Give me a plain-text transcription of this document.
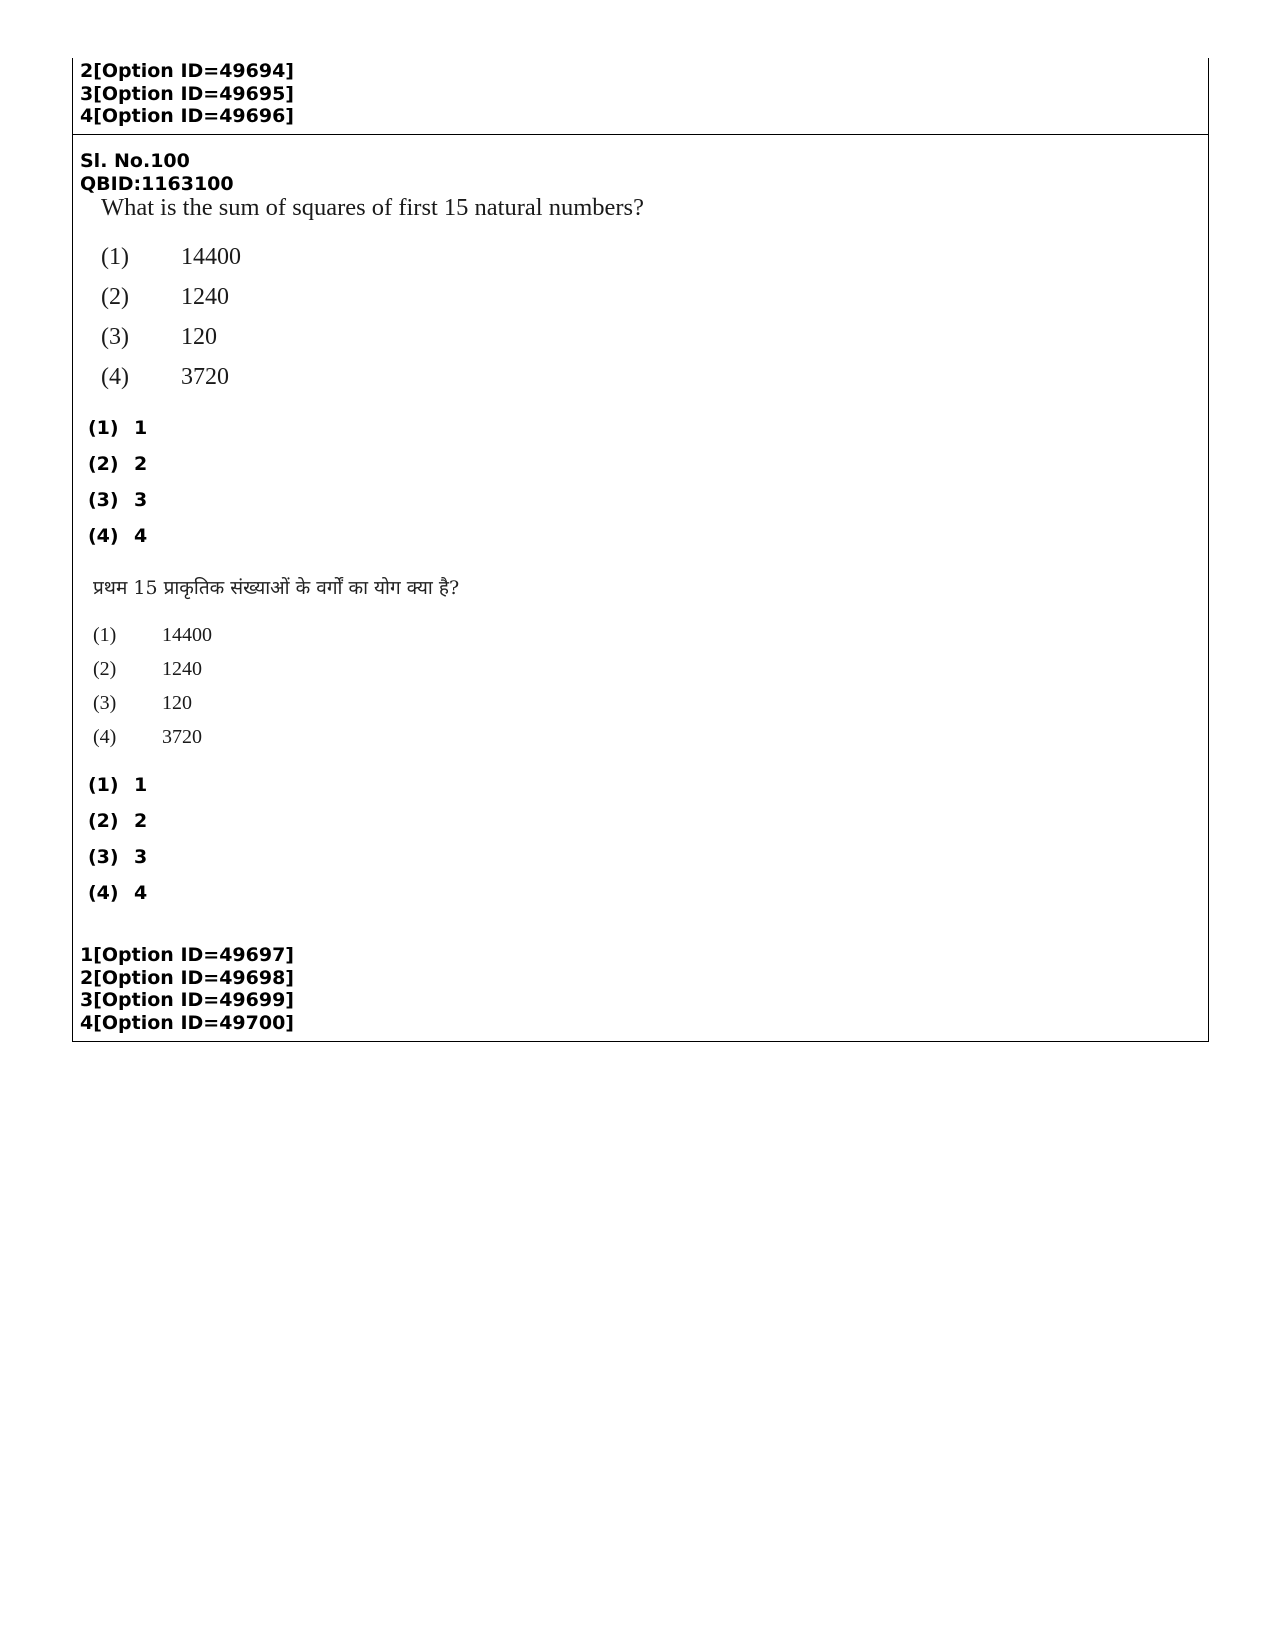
2[Option ID=49694]
3[Option ID=49695]
4[Option ID=49696]
Sl. No.100
QBID:1163100
What is the sum of squares of first 15 natural numbers?
(1) 14400
(2) 1240
(3) 120
(4) 3720
(1) 1
(2) 2
(3) 3
(4) 4
प्रथम 15 प्राकृतिक संख्याओं के वर्गों का योग क्या है?
(1) 14400
(2) 1240
(3) 120
(4) 3720
(1) 1
(2) 2
(3) 3
(4) 4
1[Option ID=49697]
2[Option ID=49698]
3[Option ID=49699]
4[Option ID=49700]
